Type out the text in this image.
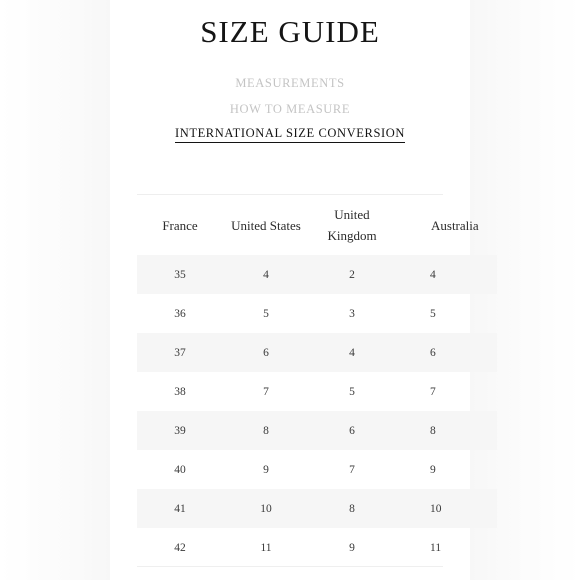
SIZE GUIDE
MEASUREMENTS
HOW TO MEASURE
INTERNATIONAL SIZE CONVERSION
France	United States	United Kingdom	Australia
35	4	2	4
36	5	3	5
37	6	4	6
38	7	5	7
39	8	6	8
40	9	7	9
41	10	8	10
42	11	9	11
